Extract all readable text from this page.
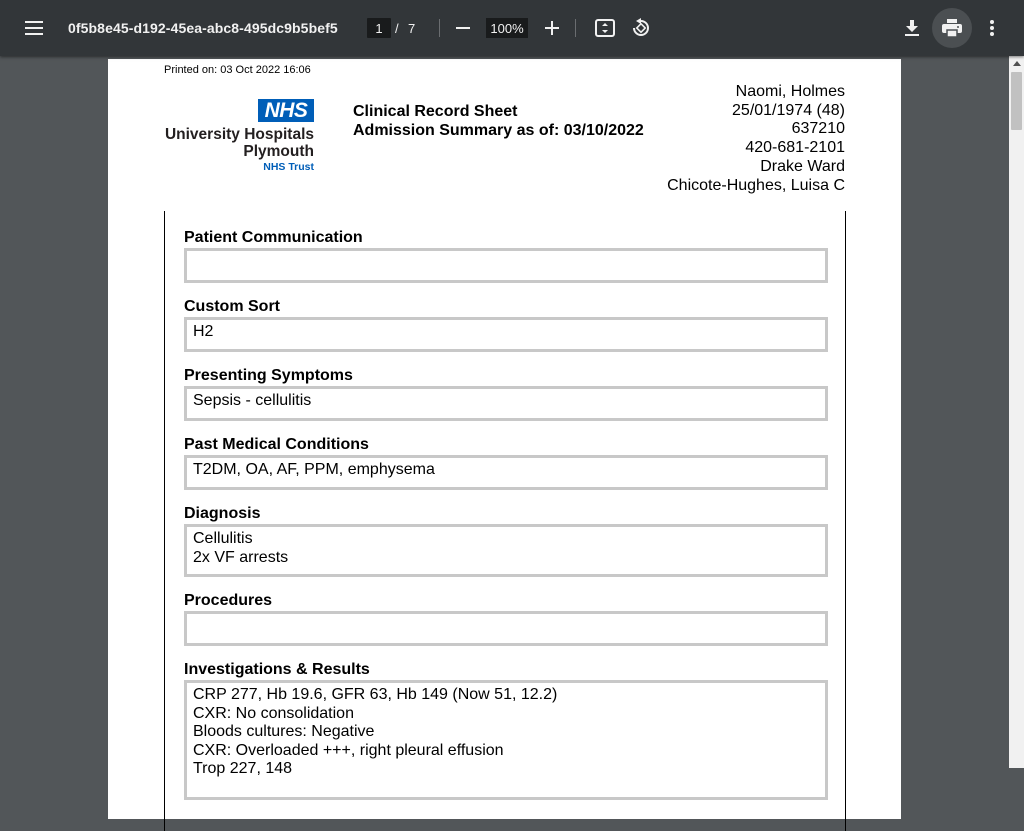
0f5b8e45-d192-45ea-abc8-495dc9b5bef5	1 / 7	100%
Printed on: 03 Oct 2022 16:06
NHS
University Hospitals
Plymouth
NHS Trust
Clinical Record Sheet
Admission Summary as of: 03/10/2022
Naomi, Holmes
25/01/1974 (48)
637210
420-681-2101
Drake Ward
Chicote-Hughes, Luisa C
Patient Communication
Custom Sort
H2
Presenting Symptoms
Sepsis - cellulitis
Past Medical Conditions
T2DM, OA, AF, PPM, emphysema
Diagnosis
Cellulitis
2x VF arrests
Procedures
Investigations & Results
CRP 277, Hb 19.6, GFR 63, Hb 149 (Now 51, 12.2)
CXR: No consolidation
Bloods cultures: Negative
CXR: Overloaded +++, right pleural effusion
Trop 227, 148
